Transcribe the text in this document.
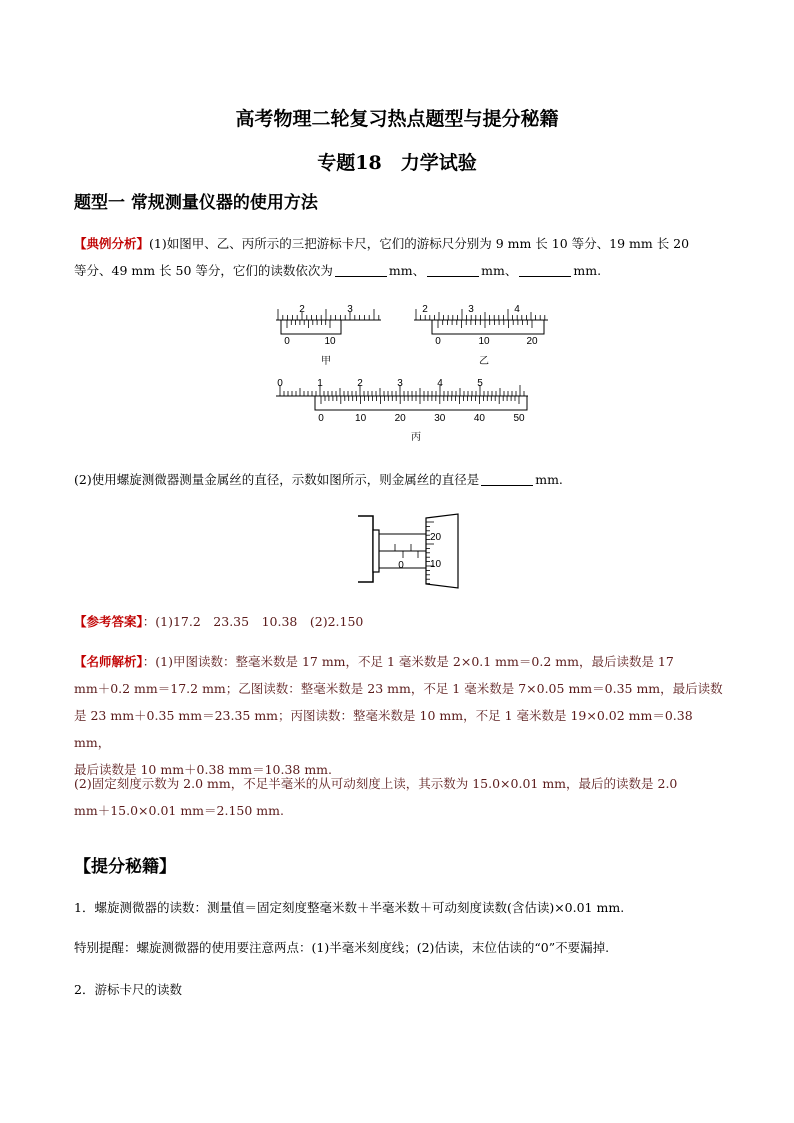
高考物理二轮复习热点题型与提分秘籍
专题18　力学试验
题型一 常规测量仪器的使用方法
【典例分析】(1)如图甲、乙、丙所示的三把游标卡尺，它们的游标尺分别为 9 mm 长 10 等分、19 mm 长 20
等分、49 mm 长 50 等分，它们的读数依次为	mm、	mm、	mm.
2	3
0	10
甲
2	3	4
0	10	20
乙
0	1	2	3	4	5
0	10	20	30	40	50
丙
(2)使用螺旋测微器测量金属丝的直径，示数如图所示，则金属丝的直径是	mm.
0
20
10
【参考答案】：(1)17.2　23.35　10.38　(2)2.150
【名师解析】：(1)甲图读数：整毫米数是 17 mm，不足 1 毫米数是 2×0.1 mm＝0.2 mm，最后读数是 17
mm＋0.2 mm＝17.2 mm；乙图读数：整毫米数是 23 mm，不足 1 毫米数是 7×0.05 mm＝0.35 mm，最后读数
是 23 mm＋0.35 mm＝23.35 mm；丙图读数：整毫米数是 10 mm，不足 1 毫米数是 19×0.02 mm＝0.38 mm，
最后读数是 10 mm＋0.38 mm＝10.38 mm.
(2)固定刻度示数为 2.0 mm，不足半毫米的从可动刻度上读，其示数为 15.0×0.01 mm，最后的读数是 2.0
mm＋15.0×0.01 mm＝2.150 mm.
【提分秘籍】
1．螺旋测微器的读数：测量值＝固定刻度整毫米数＋半毫米数＋可动刻度读数(含估读)×0.01 mm.
特别提醒：螺旋测微器的使用要注意两点：(1)半毫米刻度线；(2)估读，末位估读的“0”不要漏掉.
2．游标卡尺的读数
